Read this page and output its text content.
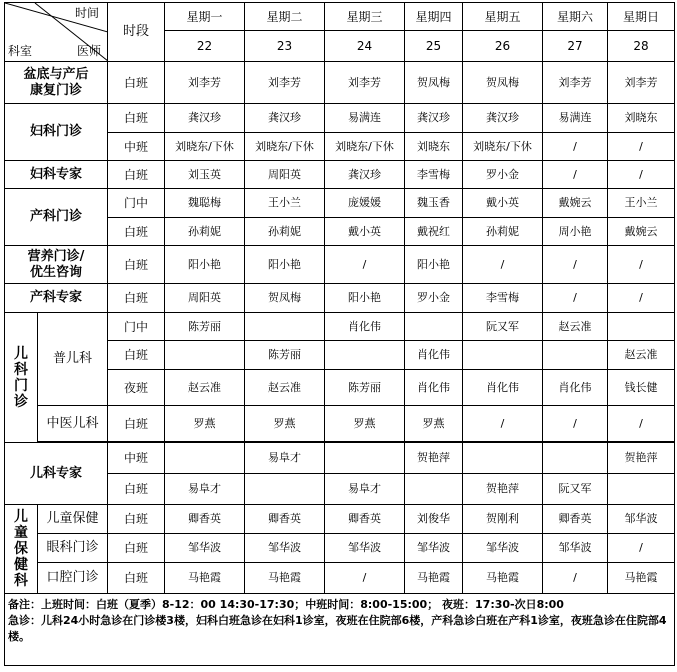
时间
科室 医师		时段	星期一	星期二	星期三	星期四	星期五	星期六	星期日
			22	23	24	25	26	27	28

盆底与产后
康复门诊		白班	刘李芳	刘李芳	刘李芳	贺凤梅	贺凤梅	刘李芳	刘李芳
妇科门诊		白班	龚汉珍	龚汉珍	易满连	龚汉珍	龚汉珍	易满连	刘晓东
		中班	刘晓东/下休	刘晓东/下休	刘晓东/下休	刘晓东	刘晓东/下休	/	/
妇科专家		白班	刘玉英	周阳英	龚汉珍	李雪梅	罗小金	/	/
产科门诊		门中	魏聪梅	王小兰	庞媛媛	魏玉香	戴小英	戴婉云	王小兰
		白班	孙莉妮	孙莉妮	戴小英	戴祝红	孙莉妮	周小艳	戴婉云

营养门诊/
优生咨询		白班	阳小艳	阳小艳	/	阳小艳	/	/	/
产科专家		白班	周阳英	贺凤梅	阳小艳	罗小金	李雪梅	/	/

儿
科
门
诊	普儿科	门中	陈芳丽		肖化伟		阮又军	赵云准	
		白班		陈芳丽		肖化伟			赵云准
		夜班	赵云准	赵云准	陈芳丽	肖化伟	肖化伟	肖化伟	钱长健
	中医儿科	白班	罗燕	罗燕	罗燕	罗燕	/	/	/

儿科专家		中班		易阜才		贺艳萍			贺艳萍
		白班	易阜才		易阜才		贺艳萍	阮又军	

儿
童
保
健
科	儿童保健	白班	卿香英	卿香英	卿香英	刘俊华	贺刚利	卿香英	邹华波
	眼科门诊	白班	邹华波	邹华波	邹华波	邹华波	邹华波	邹华波	/
	口腔门诊	白班	马艳霞	马艳霞	/	马艳霞	马艳霞	/	马艳霞

备注：上班时间：白班（夏季）8-12：00 14:30-17:30；中班时间：8:00-15:00； 夜班：17:30-次日8:00
急诊：儿科24小时急诊在门诊楼3楼，妇科白班急诊在妇科1诊室，夜班在住院部6楼，产科急诊白班在产科1诊室，夜班急诊在住院部4楼。									
